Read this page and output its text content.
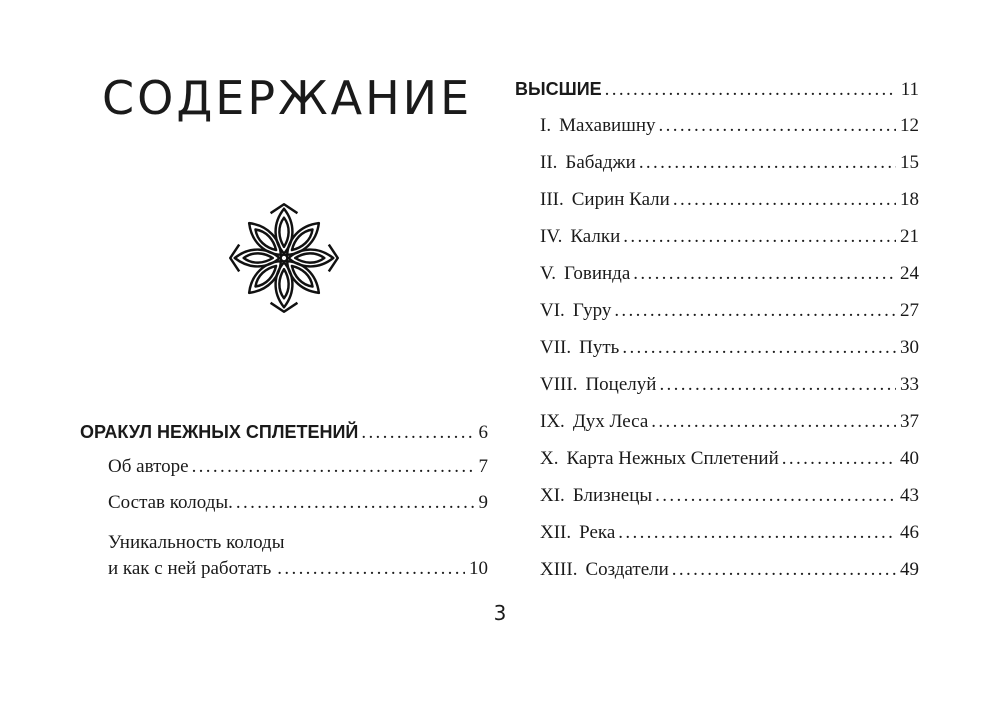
СОДЕРЖАНИЕ
ОРАКУЛ НЕЖНЫХ СПЛЕТЕНИЙ . . .	6
Об авторе . . .	7
Состав колоды. . . .	9
Уникальность колоды
и как с ней работать . . .	10
ВЫСШИЕ . . .	11
I. Махавишну . . .	12
II. Бабаджи . . .	15
III. Сирин Кали . . .	18
IV. Калки . . .	21
V. Говинда . . .	24
VI. Гуру . . .	27
VII. Путь . . .	30
VIII. Поцелуй . . .	33
IX. Дух Леса . . .	37
X. Карта Нежных Сплетений . . .	40
XI. Близнецы . . .	43
XII. Река . . .	46
XIII. Создатели . . .	49
3
